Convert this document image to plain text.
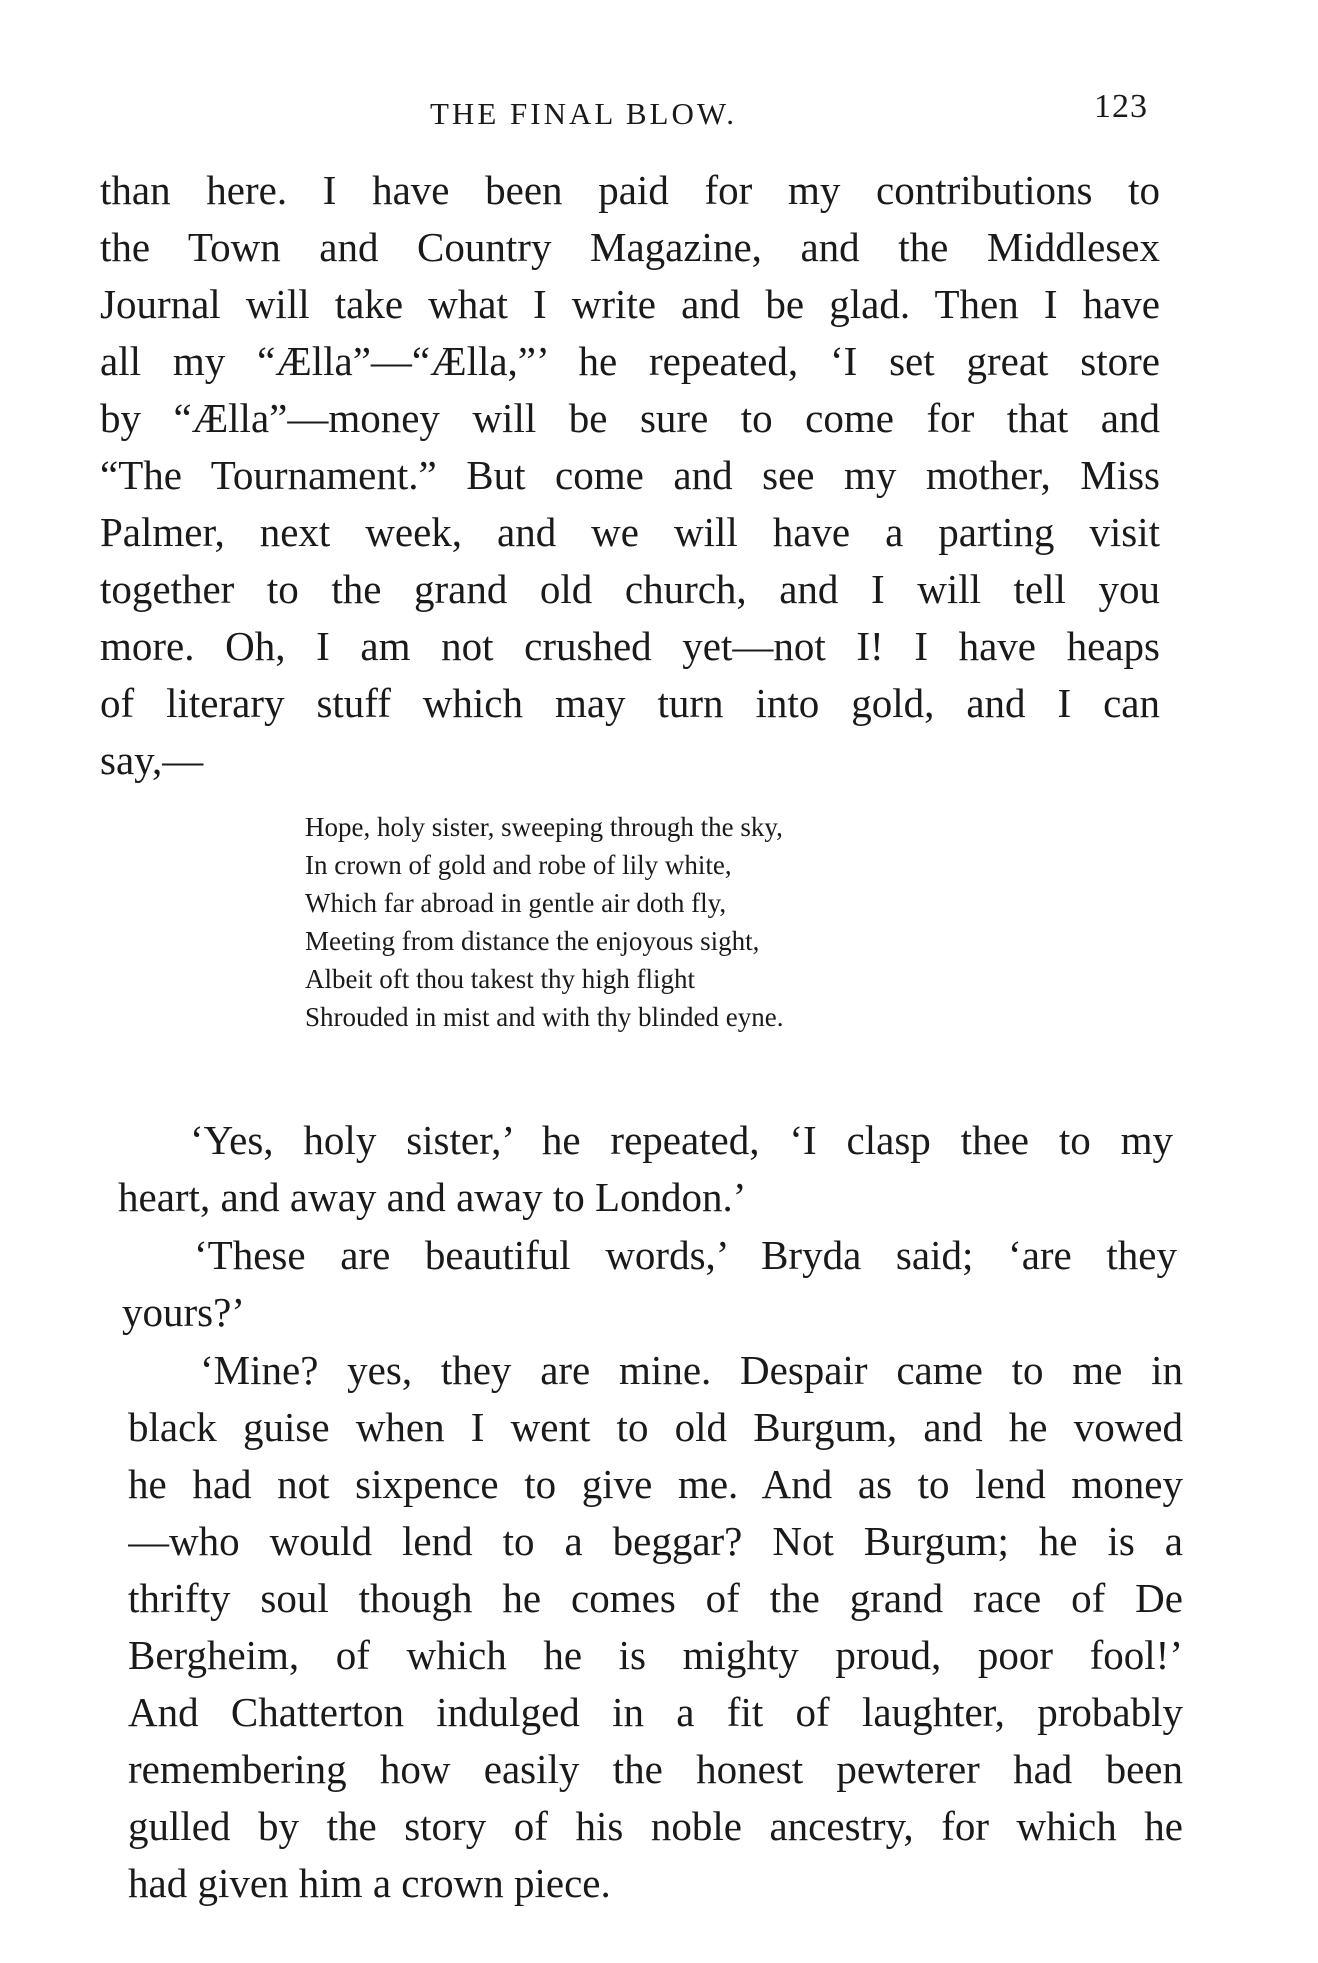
THE FINAL BLOW.	123
than here. I have been paid for my contributions to
the Town and Country Magazine, and the Middlesex
Journal will take what I write and be glad. Then I have
all my “Ælla”—“Ælla,”’ he repeated, ‘I set great store
by “Ælla”—money will be sure to come for that and
“The Tournament.” But come and see my mother, Miss
Palmer, next week, and we will have a parting visit
together to the grand old church, and I will tell you
more. Oh, I am not crushed yet—not I! I have heaps
of literary stuff which may turn into gold, and I can
say,—
Hope, holy sister, sweeping through the sky,
In crown of gold and robe of lily white,
Which far abroad in gentle air doth fly,
Meeting from distance the enjoyous sight,
Albeit oft thou takest thy high flight
Shrouded in mist and with thy blinded eyne.
‘Yes, holy sister,’ he repeated, ‘I clasp thee to my
heart, and away and away to London.’
‘These are beautiful words,’ Bryda said; ‘are they
yours?’
‘Mine? yes, they are mine. Despair came to me in
black guise when I went to old Burgum, and he vowed
he had not sixpence to give me. And as to lend money
—who would lend to a beggar? Not Burgum; he is a
thrifty soul though he comes of the grand race of De
Bergheim, of which he is mighty proud, poor fool!’
And Chatterton indulged in a fit of laughter, probably
remembering how easily the honest pewterer had been
gulled by the story of his noble ancestry, for which he
had given him a crown piece.
